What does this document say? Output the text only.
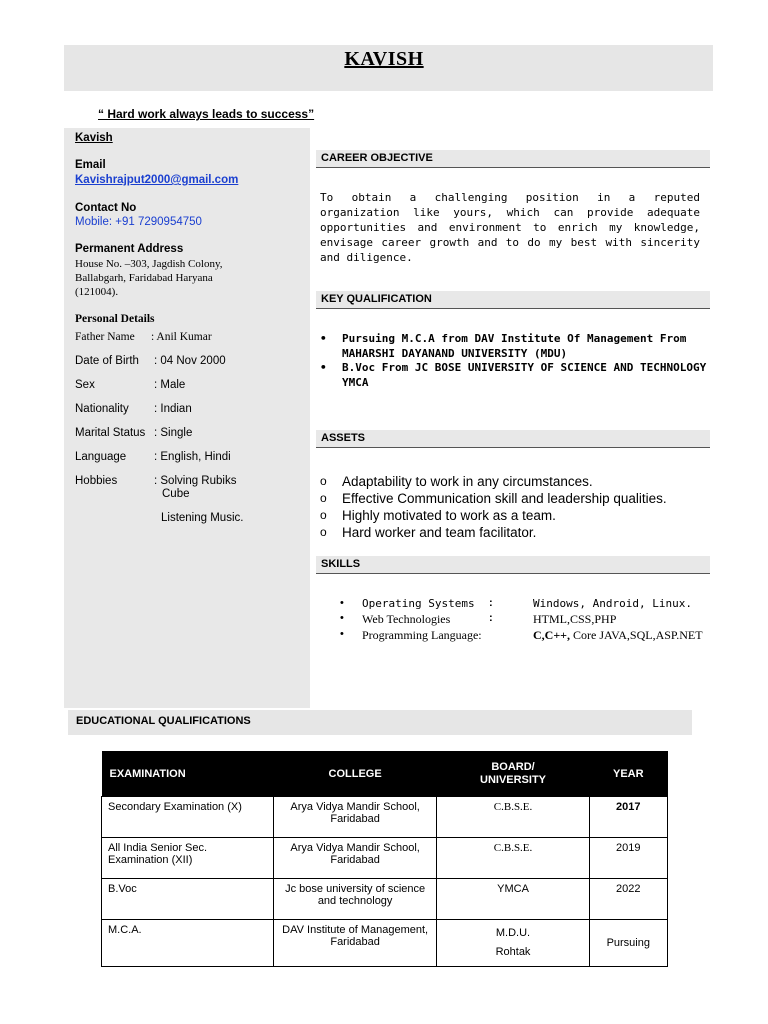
KAVISH
“ Hard work always leads to success”
Kavish
Email
Kavishrajput2000@gmail.com
Contact No
Mobile: +91 7290954750
Permanent Address
House No. –303, Jagdish Colony,
Ballabgarh, Faridabad Haryana
(121004).
Personal Details
Father Name : Anil Kumar
Date of Birth : 04 Nov 2000
Sex	: Male
Nationality : Indian
Marital Status : Single
Language : English, Hindi
Hobbies	: Solving Rubiks
Cube
Listening Music.
CAREER OBJECTIVE
To obtain a challenging position in a reputed organization like yours, which can provide adequate opportunities and environment to enrich my knowledge, envisage career growth and to do my best with sincerity and diligence.
KEY QUALIFICATION
• Pursuing M.C.A from DAV Institute Of Management From MAHARSHI DAYANAND UNIVERSITY (MDU)
• B.Voc From JC BOSE UNIVERSITY OF SCIENCE AND TECHNOLOGY YMCA
ASSETS
o Adaptability to work in any circumstances.
o Effective Communication skill and leadership qualities.
o Highly motivated to work as a team.
o Hard worker and team facilitator.
SKILLS
• Operating Systems :	Windows, Android, Linux.
• Web Technologies	:	HTML,CSS,PHP
• Programming Language:	C,C++, Core JAVA,SQL,ASP.NET
EDUCATIONAL QUALIFICATIONS
EXAMINATION	COLLEGE	BOARD/ UNIVERSITY	YEAR
Secondary Examination (X)	Arya Vidya Mandir School, Faridabad	C.B.S.E.	2017
All India Senior Sec. Examination (XII)	Arya Vidya Mandir School, Faridabad	C.B.S.E.	2019
B.Voc	Jc bose university of science and technology	YMCA	2022
M.C.A.	DAV Institute of Management, Faridabad	M.D.U. Rohtak	Pursuing
